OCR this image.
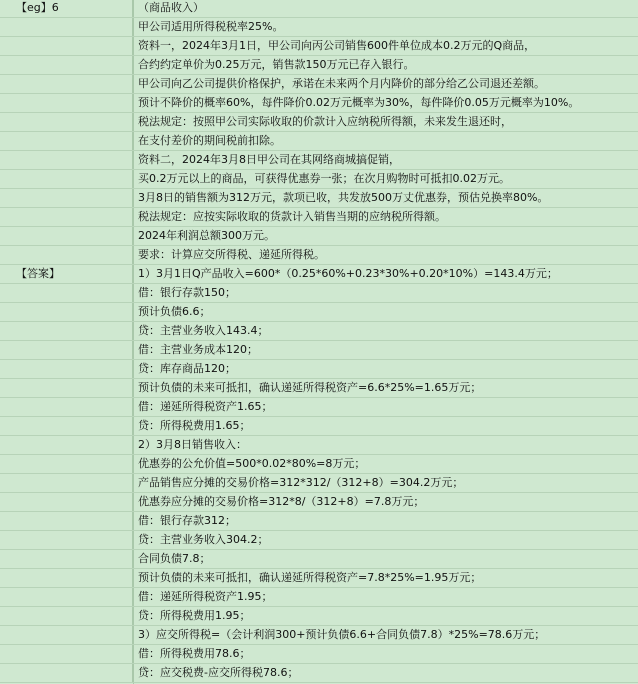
【eg】6	（商品收入）
甲公司适用所得税税率25%。
资料一，2024年3月1日，甲公司向丙公司销售600件单位成本0.2万元的Q商品，
合约约定单价为0.25万元，销售款150万元已存入银行。
甲公司向乙公司提供价格保护，承诺在未来两个月内降价的部分给乙公司退还差额。
预计不降价的概率60%，每件降价0.02万元概率为30%，每件降价0.05万元概率为10%。
税法规定：按照甲公司实际收取的价款计入应纳税所得额，未来发生退还时，
在支付差价的期间税前扣除。
资料二，2024年3月8日甲公司在其网络商城搞促销，
买0.2万元以上的商品，可获得优惠券一张；在次月购物时可抵扣0.02万元。
3月8日的销售额为312万元，款项已收，共发放500万丈优惠券，预估兑换率80%。
税法规定：应按实际收取的货款计入销售当期的应纳税所得额。
2024年利润总额300万元。
要求：计算应交所得税、递延所得税。
【答案】	1）3月1日Q产品收入=600*（0.25*60%+0.23*30%+0.20*10%）=143.4万元；
借：银行存款150；
预计负债6.6；
贷：主营业务收入143.4；
借：主营业务成本120；
贷：库存商品120；
预计负债的未来可抵扣，确认递延所得税资产=6.6*25%=1.65万元；
借：递延所得税资产1.65；
贷：所得税费用1.65；
2）3月8日销售收入：
优惠券的公允价值=500*0.02*80%=8万元；
产品销售应分摊的交易价格=312*312/（312+8）=304.2万元；
优惠券应分摊的交易价格=312*8/（312+8）=7.8万元；
借：银行存款312；
贷：主营业务收入304.2；
合同负债7.8；
预计负债的未来可抵扣，确认递延所得税资产=7.8*25%=1.95万元；
借：递延所得税资产1.95；
贷：所得税费用1.95；
3）应交所得税=（会计利润300+预计负债6.6+合同负债7.8）*25%=78.6万元；
借：所得税费用78.6；
贷：应交税费-应交所得税78.6；
